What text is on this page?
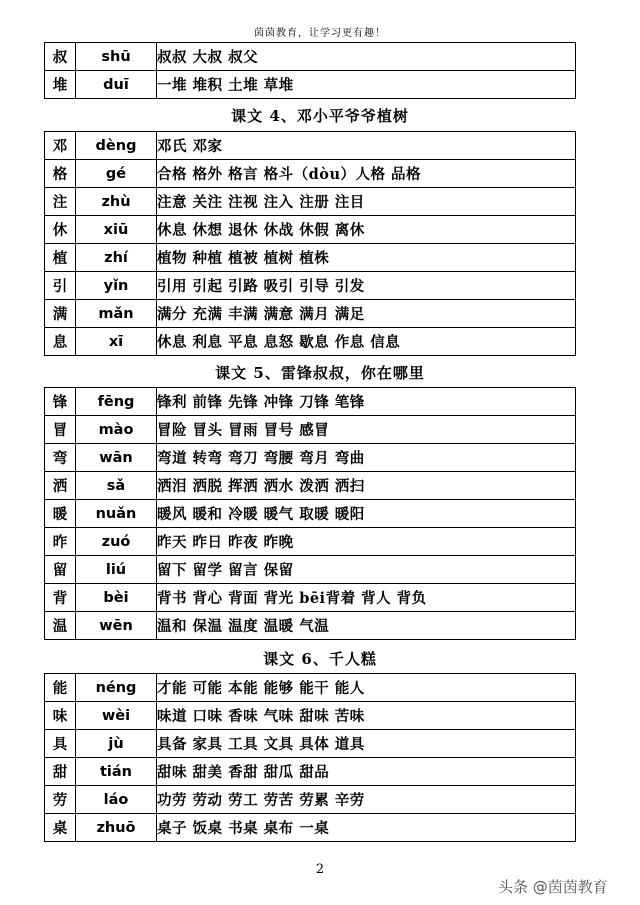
茵茵教育，让学习更有趣！
叔	shū	叔叔 大叔 叔父
堆	duī	一堆 堆积 土堆 草堆
课文 4、邓小平爷爷植树
邓	dèng	邓氏 邓家
格	gé	合格 格外 格言 格斗（dòu）人格 品格
注	zhù	注意 关注 注视 注入 注册 注目
休	xiū	休息 休想 退休 休战 休假 离休
植	zhí	植物 种植 植被 植树 植株
引	yǐn	引用 引起 引路 吸引 引导 引发
满	mǎn	满分 充满 丰满 满意 满月 满足
息	xī	休息 利息 平息 息怒 歇息 作息 信息
课文 5、雷锋叔叔，你在哪里
锋	fēng	锋利 前锋 先锋 冲锋 刀锋 笔锋
冒	mào	冒险 冒头 冒雨 冒号 感冒
弯	wān	弯道 转弯 弯刀 弯腰 弯月 弯曲
洒	sǎ	洒泪 洒脱 挥洒 洒水 泼洒 洒扫
暖	nuǎn	暖风 暖和 冷暖 暖气 取暖 暖阳
昨	zuó	昨天 昨日 昨夜 昨晚
留	liú	留下 留学 留言 保留
背	bèi	背书 背心 背面 背光 bēi背着 背人 背负
温	wēn	温和 保温 温度 温暖 气温
课文 6、千人糕
能	néng	才能 可能 本能 能够 能干 能人
味	wèi	味道 口味 香味 气味 甜味 苦味
具	jù	具备 家具 工具 文具 具体 道具
甜	tián	甜味 甜美 香甜 甜瓜 甜品
劳	láo	功劳 劳动 劳工 劳苦 劳累 辛劳
桌	zhuō	桌子 饭桌 书桌 桌布 一桌
2
头条 @茵茵教育
